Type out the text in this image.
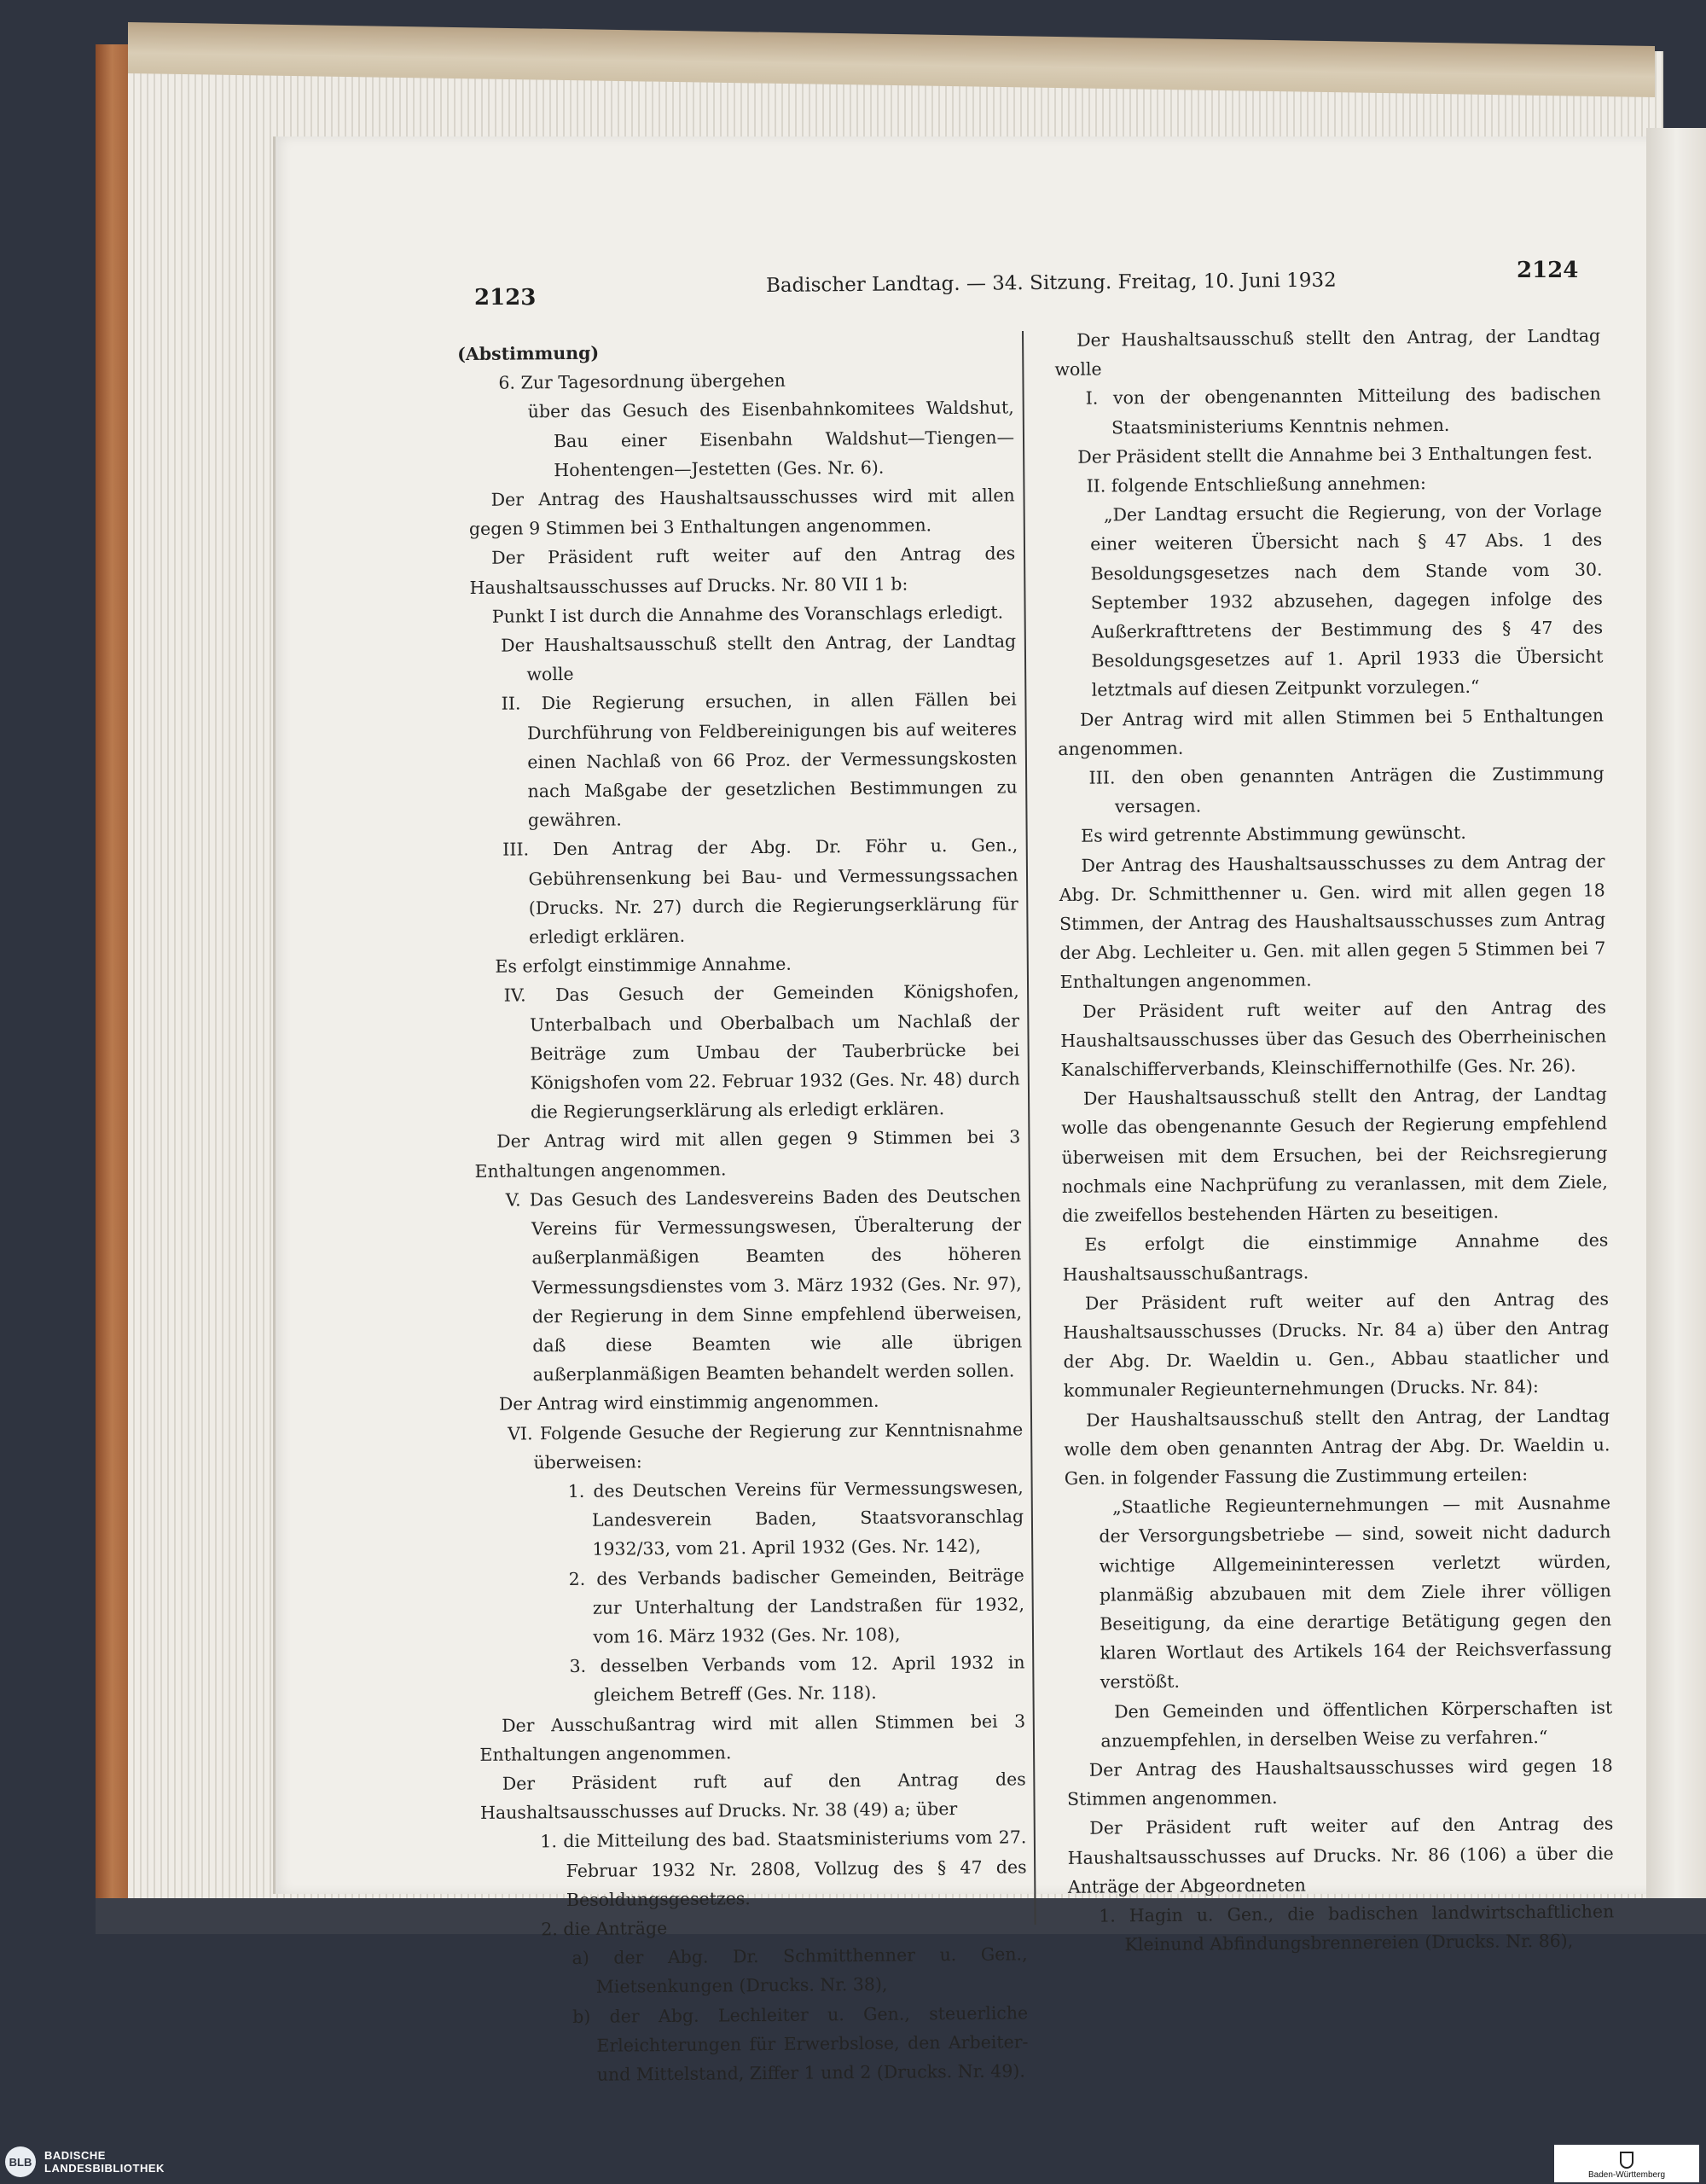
2123
Badischer Landtag. — 34. Sitzung. Freitag, 10. Juni 1932	2124

(Abstimmung)

6. Zur Tagesordnung übergehen

über das Gesuch des Eisenbahnkomitees Waldshut, Bau einer Eisenbahn Waldshut—Tiengen—Hohentengen—Jestetten (Ges. Nr. 6).

Der Antrag des Haushaltsausschusses wird mit allen gegen 9 Stimmen bei 3 Enthaltungen angenommen.

Der Präsident ruft weiter auf den Antrag des Haushaltsausschusses auf Drucks. Nr. 80 VII 1 b:

Punkt I ist durch die Annahme des Voranschlags erledigt.

Der Haushaltsausschuß stellt den Antrag, der Landtag wolle

II. Die Regierung ersuchen, in allen Fällen bei Durchführung von Feldbereinigungen bis auf weiteres einen Nachlaß von 66 Proz. der Vermessungskosten nach Maßgabe der gesetzlichen Bestimmungen zu gewähren.

III. Den Antrag der Abg. Dr. Föhr u. Gen., Gebührensenkung bei Bau- und Vermessungssachen (Drucks. Nr. 27) durch die Regierungserklärung für erledigt erklären.

Es erfolgt einstimmige Annahme.

IV. Das Gesuch der Gemeinden Königshofen, Unterbalbach und Oberbalbach um Nachlaß der Beiträge zum Umbau der Tauberbrücke bei Königshofen vom 22. Februar 1932 (Ges. Nr. 48) durch die Regierungserklärung als erledigt erklären.

Der Antrag wird mit allen gegen 9 Stimmen bei 3 Enthaltungen angenommen.

V. Das Gesuch des Landesvereins Baden des Deutschen Vereins für Vermessungswesen, Überalterung der außerplanmäßigen Beamten des höheren Vermessungsdienstes vom 3. März 1932 (Ges. Nr. 97), der Regierung in dem Sinne empfehlend überweisen, daß diese Beamten wie alle übrigen außerplanmäßigen Beamten behandelt werden sollen.

Der Antrag wird einstimmig angenommen.

VI. Folgende Gesuche der Regierung zur Kenntnisnahme überweisen:

1. des Deutschen Vereins für Vermessungswesen, Landesverein Baden, Staatsvoranschlag 1932/33, vom 21. April 1932 (Ges. Nr. 142),

2. des Verbands badischer Gemeinden, Beiträge zur Unterhaltung der Landstraßen für 1932, vom 16. März 1932 (Ges. Nr. 108),

3. desselben Verbands vom 12. April 1932 in gleichem Betreff (Ges. Nr. 118).

Der Ausschußantrag wird mit allen Stimmen bei 3 Enthaltungen angenommen.

Der Präsident ruft auf den Antrag des Haushaltsausschusses auf Drucks. Nr. 38 (49) a; über

1. die Mitteilung des bad. Staatsministeriums vom 27. Februar 1932 Nr. 2808, Vollzug des § 47 des Besoldungsgesetzes.

2. die Anträge

a) der Abg. Dr. Schmitthenner u. Gen., Mietsenkungen (Drucks. Nr. 38),

b) der Abg. Lechleiter u. Gen., steuerliche Erleichterungen für Erwerbslose, den Arbeiter- und Mittelstand, Ziffer 1 und 2 (Drucks. Nr. 49).

Der Haushaltsausschuß stellt den Antrag, der Landtag wolle

I. von der obengenannten Mitteilung des badischen Staatsministeriums Kenntnis nehmen.

Der Präsident stellt die Annahme bei 3 Enthaltungen fest.

II. folgende Entschließung annehmen:

„Der Landtag ersucht die Regierung, von der Vorlage einer weiteren Übersicht nach § 47 Abs. 1 des Besoldungsgesetzes nach dem Stande vom 30. September 1932 abzusehen, dagegen infolge des Außerkrafttretens der Bestimmung des § 47 des Besoldungsgesetzes auf 1. April 1933 die Übersicht letztmals auf diesen Zeitpunkt vorzulegen.“

Der Antrag wird mit allen Stimmen bei 5 Enthaltungen angenommen.

III. den oben genannten Anträgen die Zustimmung versagen.

Es wird getrennte Abstimmung gewünscht.

Der Antrag des Haushaltsausschusses zu dem Antrag der Abg. Dr. Schmitthenner u. Gen. wird mit allen gegen 18 Stimmen, der Antrag des Haushaltsausschusses zum Antrag der Abg. Lechleiter u. Gen. mit allen gegen 5 Stimmen bei 7 Enthaltungen angenommen.

Der Präsident ruft weiter auf den Antrag des Haushaltsausschusses über das Gesuch des Oberrheinischen Kanalschifferverbands, Kleinschiffernothilfe (Ges. Nr. 26).

Der Haushaltsausschuß stellt den Antrag, der Landtag wolle das obengenannte Gesuch der Regierung empfehlend überweisen mit dem Ersuchen, bei der Reichsregierung nochmals eine Nachprüfung zu veranlassen, mit dem Ziele, die zweifellos bestehenden Härten zu beseitigen.

Es erfolgt die einstimmige Annahme des Haushaltsausschußantrags.

Der Präsident ruft weiter auf den Antrag des Haushaltsausschusses (Drucks. Nr. 84 a) über den Antrag der Abg. Dr. Waeldin u. Gen., Abbau staatlicher und kommunaler Regieunternehmungen (Drucks. Nr. 84):

Der Haushaltsausschuß stellt den Antrag, der Landtag wolle dem oben genannten Antrag der Abg. Dr. Waeldin u. Gen. in folgender Fassung die Zustimmung erteilen:

„Staatliche Regieunternehmungen — mit Ausnahme der Versorgungsbetriebe — sind, soweit nicht dadurch wichtige Allgemeininteressen verletzt würden, planmäßig abzubauen mit dem Ziele ihrer völligen Beseitigung, da eine derartige Betätigung gegen den klaren Wortlaut des Artikels 164 der Reichsverfassung verstößt.

Den Gemeinden und öffentlichen Körperschaften ist anzuempfehlen, in derselben Weise zu verfahren.“

Der Antrag des Haushaltsausschusses wird gegen 18 Stimmen angenommen.

Der Präsident ruft weiter auf den Antrag des Haushaltsausschusses auf Drucks. Nr. 86 (106) a über die Anträge der Abgeordneten

1. Hagin u. Gen., die badischen landwirtschaftlichen Kleinund Abfindungsbrennereien (Drucks. Nr. 86),

BLB	BADISCHE
LANDESBIBLIOTHEK
Baden-Württemberg
